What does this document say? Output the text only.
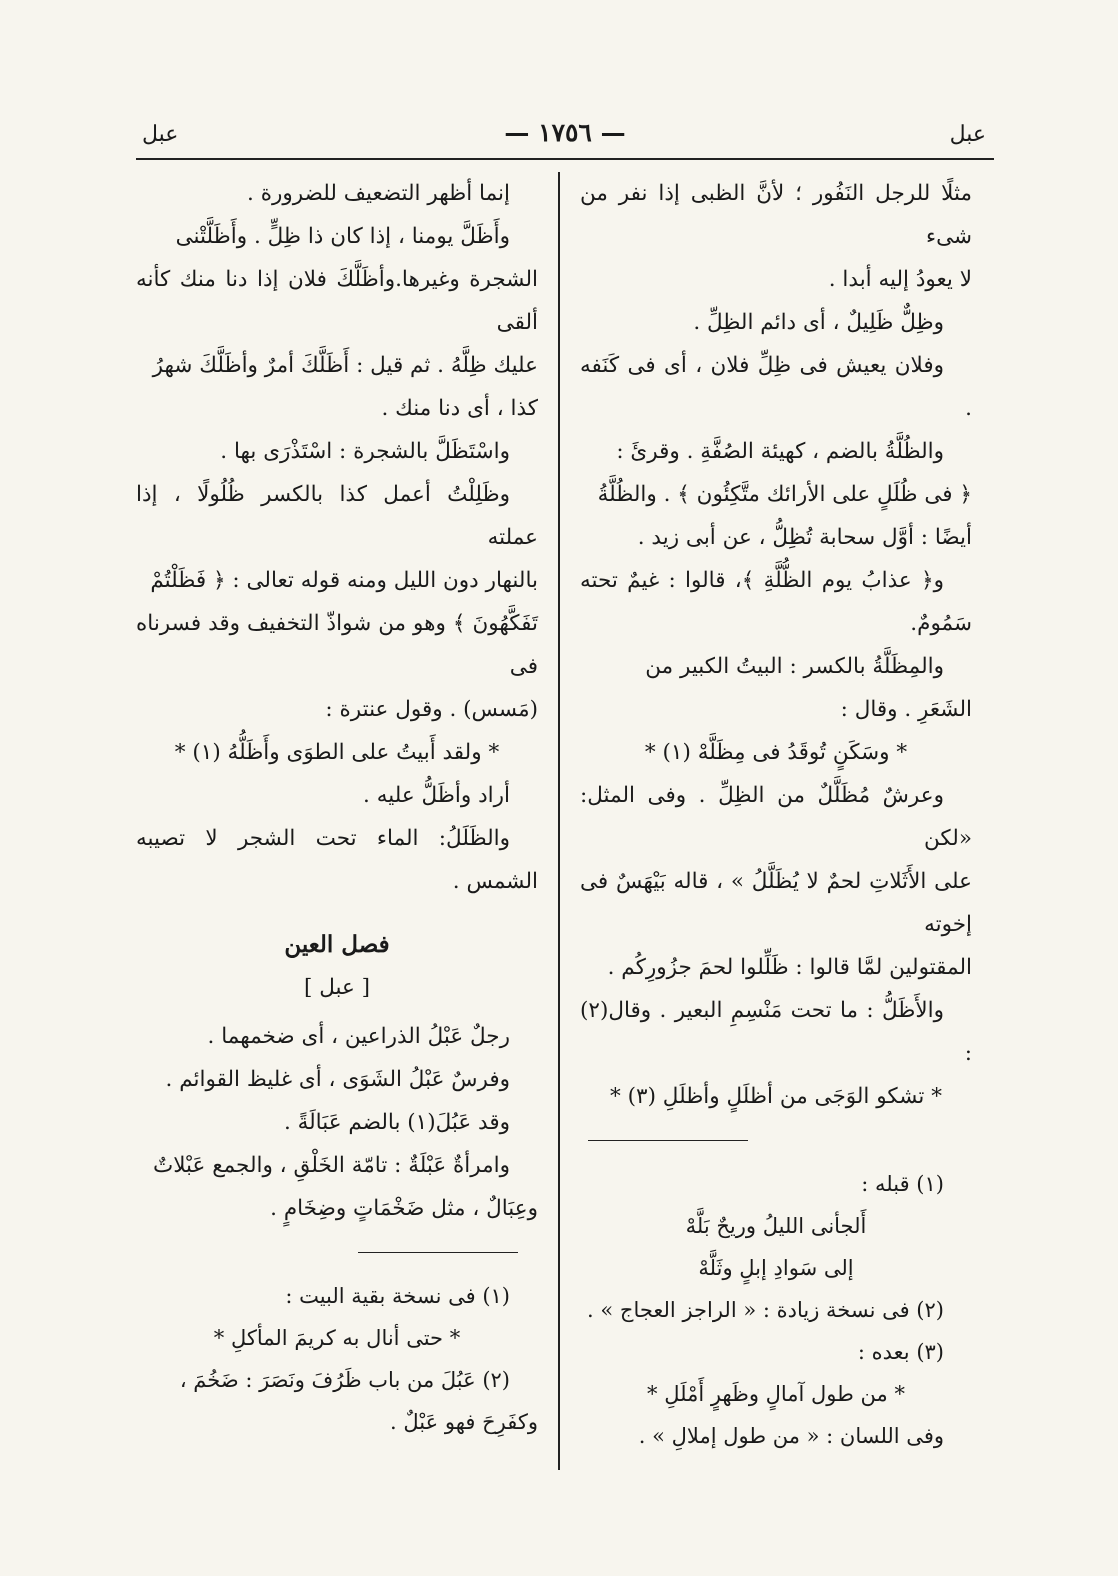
عبل
— ١٧٥٦ —
عبل

مثلًا للرجل النَفُور ؛ لأنَّ الظبى إذا نفر من شىء

لا يعودُ إليه أبدا .

وظِلٌّ ظَلِيلٌ ، أى دائم الظِلِّ .

وفلان يعيش فى ظِلِّ فلان ، أى فى كَنَفه .

والظُلَّةُ بالضم ، كهيئة الصُفَّةِ . وقرئَ :

﴿ فى ظُلَلٍ على الأرائك متَّكِئُون ﴾ . والظُلَّةُ

أيضًا : أوَّل سحابة تُظِلُّ ، عن أبى زيد .

و﴿ عذابُ يوم الظُّلَّةِ ﴾، قالوا : غيمٌ تحته سَمُومٌ.

والمِظَلَّةُ بالكسر : البيتُ الكبير من

الشَعَرِ . وقال :

* وسَكَنٍ تُوقَدُ فى مِظَلَّهْ (١) *

وعرشٌ مُظَلَّلٌ من الظِلِّ . وفى المثل: «لكن

على الأَثَلاتِ لحمٌ لا يُظَلَّلُ » ، قاله بَيْهَسٌ فى إخوته

المقتولين لمَّا قالوا : ظَلِّلوا لحمَ جزُورِكُم .

والأَظَلُّ : ما تحت مَنْسِمِ البعير . وقال(٢) :

* تشكو الوَجَى من أظلَلٍ وأظلَلِ (٣) *

(١) قبله :

أَلجأنى الليلُ وريحٌ بَلَّهْ

إلى سَوادِ إبلٍ وثَلَّهْ

(٢) فى نسخة زيادة : « الراجز العجاج » .

(٣) بعده :

* من طول آمالٍ وظَهرٍ أَمْلَلِ *

وفى اللسان : « من طول إملالِ » .

إنما أظهر التضعيف للضرورة .

وأَظَلَّ يومنا ، إذا كان ذا ظِلٍّ . وأَظَلَّتْنى

الشجرة وغيرها.وأظَلَّكَ فلان إذا دنا منك كأنه ألقى

عليك ظِلَّهُ . ثم قيل : أَظَلَّكَ أمرٌ وأظَلَّكَ شهرُ

كذا ، أى دنا منك .

واسْتَظَلَّ بالشجرة : اسْتَذْرَى بها .

وظَلِلْتُ أعمل كذا بالكسر ظُلُولًا ، إذا عملته

بالنهار دون الليل ومنه قوله تعالى : ﴿ فَظَلْتُمْ

تَفَكَّهُونَ ﴾ وهو من شواذّ التخفيف وقد فسرناه فى

(مَسس) . وقول عنترة :

* ولقد أَبيتُ على الطوَى وأَظَلُّهُ (١) *

أراد وأظَلُّ عليه .

والظَلَلُ: الماء تحت الشجر لا تصيبه الشمس .

فصل العين

[ عبل ]

رجلٌ عَبْلُ الذراعين ، أى ضخمهما .

وفرسٌ عَبْلُ الشَوَى ، أى غليظ القوائم .

وقد عَبُلَ(١) بالضم عَبَالَةً .

وامرأةٌ عَبْلَةٌ : تامّة الخَلْقِ ، والجمع عَبْلاتٌ

وعِبَالٌ ، مثل ضَخْمَاتٍ وضِخَامٍ .

(١) فى نسخة بقية البيت :

* حتى أنال به كريمَ المأكلِ *

(٢) عَبُلَ من باب ظَرُفَ ونَصَرَ : ضَخُمَ ،

وكفَرِحَ فهو عَبْلٌ .
